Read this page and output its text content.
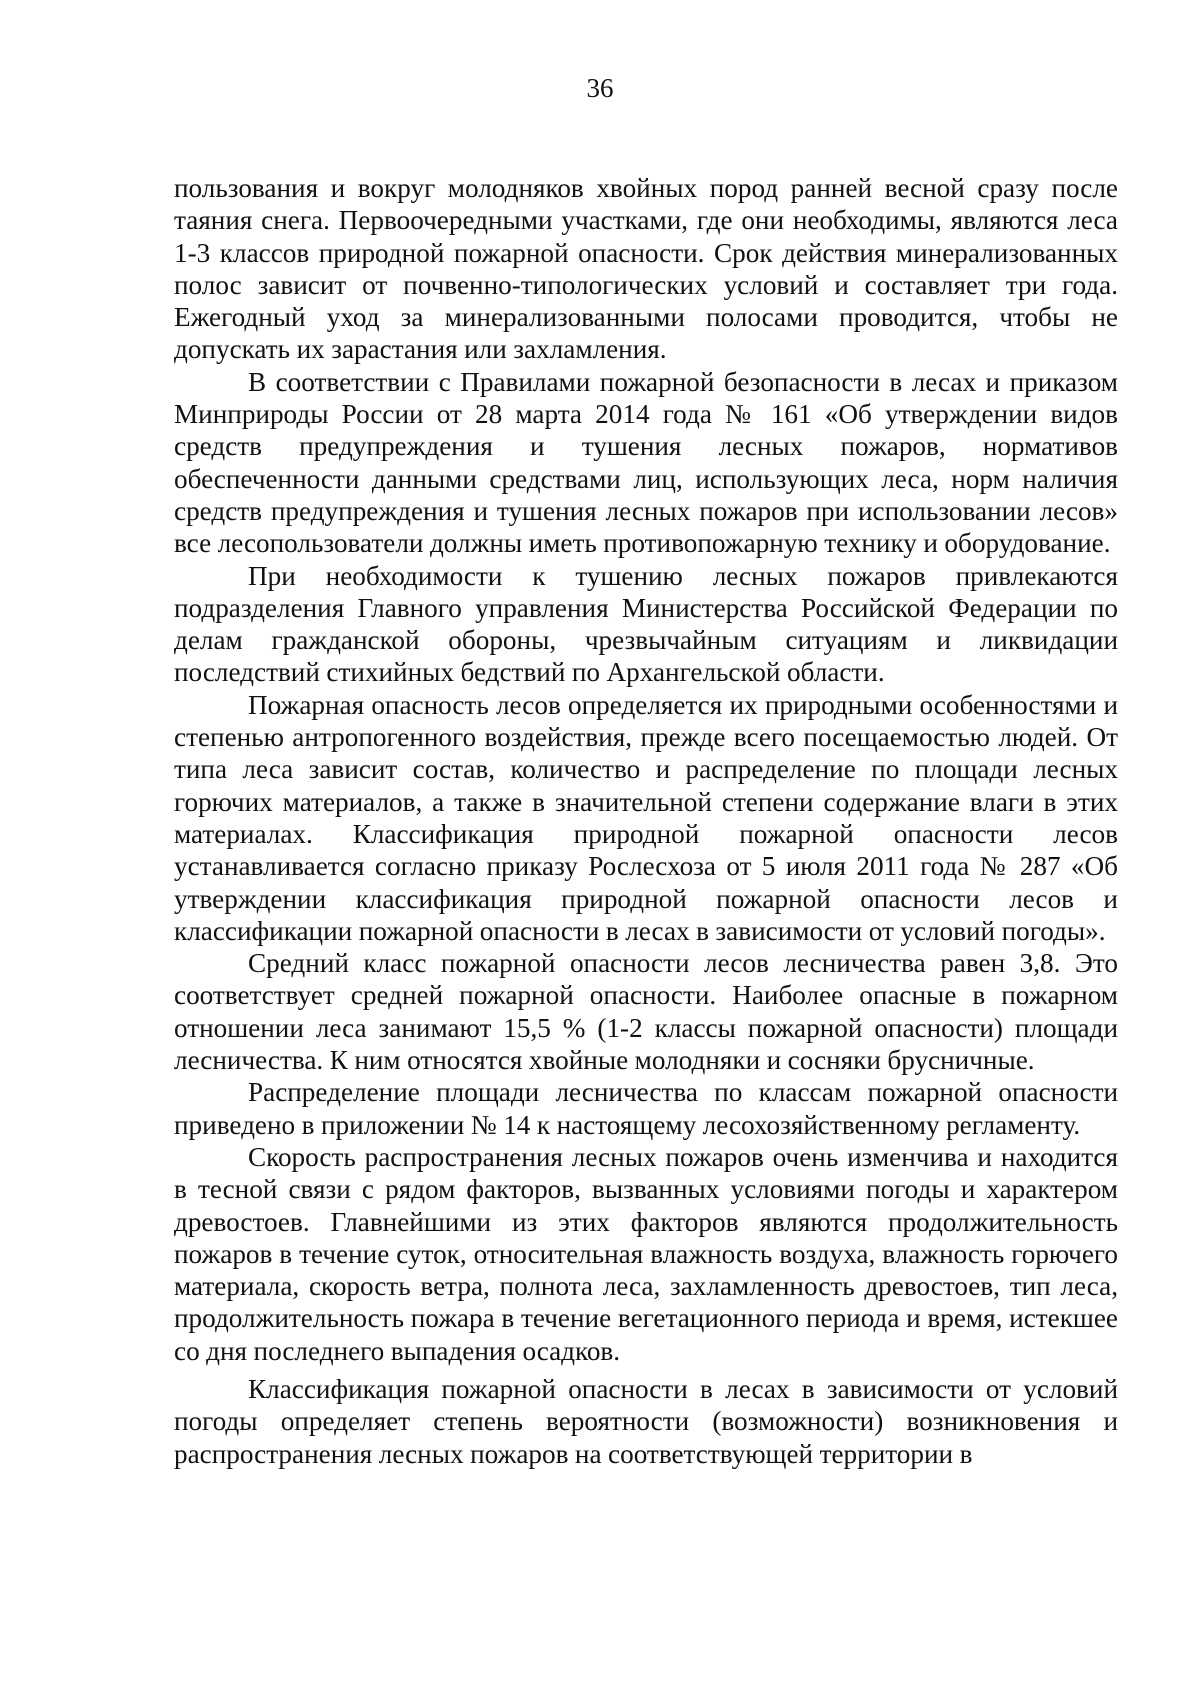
36

пользования и вокруг молодняков хвойных пород ранней весной сразу после таяния снега. Первоочередными участками, где они необходимы, являются леса 1-3 классов природной пожарной опасности. Срок действия минерализованных полос зависит от почвенно-типологических условий и составляет три года. Ежегодный уход за минерализованными полосами проводится, чтобы не допускать их зарастания или захламления.

В соответствии с Правилами пожарной безопасности в лесах и приказом Минприроды России от 28 марта 2014 года № 161 «Об утверждении видов средств предупреждения и тушения лесных пожаров, нормативов обеспеченности данными средствами лиц, использующих леса, норм наличия средств предупреждения и тушения лесных пожаров при использовании лесов» все лесопользователи должны иметь противопожарную технику и оборудование.

При необходимости к тушению лесных пожаров привлекаются подразделения Главного управления Министерства Российской Федерации по делам гражданской обороны, чрезвычайным ситуациям и ликвидации последствий стихийных бедствий по Архангельской области.

Пожарная опасность лесов определяется их природными особенностями и степенью антропогенного воздействия, прежде всего посещаемостью людей. От типа леса зависит состав, количество и распределение по площади лесных горючих материалов, а также в значительной степени содержание влаги в этих материалах. Классификация природной пожарной опасности лесов устанавливается согласно приказу Рослесхоза от 5 июля 2011 года № 287 «Об утверждении классификация природной пожарной опасности лесов и классификации пожарной опасности в лесах в зависимости от условий погоды».

Средний класс пожарной опасности лесов лесничества равен 3,8. Это соответствует средней пожарной опасности. Наиболее опасные в пожарном отношении леса занимают 15,5 % (1-2 классы пожарной опасности) площади лесничества. К ним относятся хвойные молодняки и сосняки брусничные.

Распределение площади лесничества по классам пожарной опасности приведено в приложении № 14 к настоящему лесохозяйственному регламенту.

Скорость распространения лесных пожаров очень изменчива и находится в тесной связи с рядом факторов, вызванных условиями погоды и характером древостоев. Главнейшими из этих факторов являются продолжительность пожаров в течение суток, относительная влажность воздуха, влажность горючего материала, скорость ветра, полнота леса, захламленность древостоев, тип леса, продолжительность пожара в течение вегетационного периода и время, истекшее со дня последнего выпадения осадков.

Классификация пожарной опасности в лесах в зависимости от условий погоды определяет степень вероятности (возможности) возникновения и распространения лесных пожаров на соответствующей территории в
